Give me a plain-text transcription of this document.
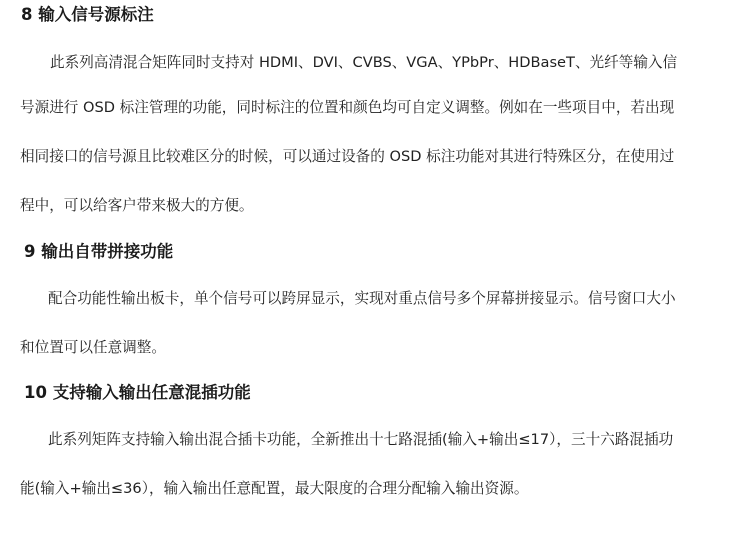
8 输入信号源标注

此系列高清混合矩阵同时支持对 HDMI、DVI、CVBS、VGA、YPbPr、HDBaseT、光纤等输入信

号源进行 OSD 标注管理的功能，同时标注的位置和颜色均可自定义调整。例如在一些项目中，若出现

相同接口的信号源且比较难区分的时候，可以通过设备的 OSD 标注功能对其进行特殊区分，在使用过

程中，可以给客户带来极大的方便。

9 输出自带拼接功能

配合功能性输出板卡，单个信号可以跨屏显示，实现对重点信号多个屏幕拼接显示。信号窗口大小

和位置可以任意调整。

10 支持输入输出任意混插功能

此系列矩阵支持输入输出混合插卡功能，全新推出十七路混插(输入+输出≤17），三十六路混插功

能(输入+输出≤36），输入输出任意配置，最大限度的合理分配输入输出资源。
